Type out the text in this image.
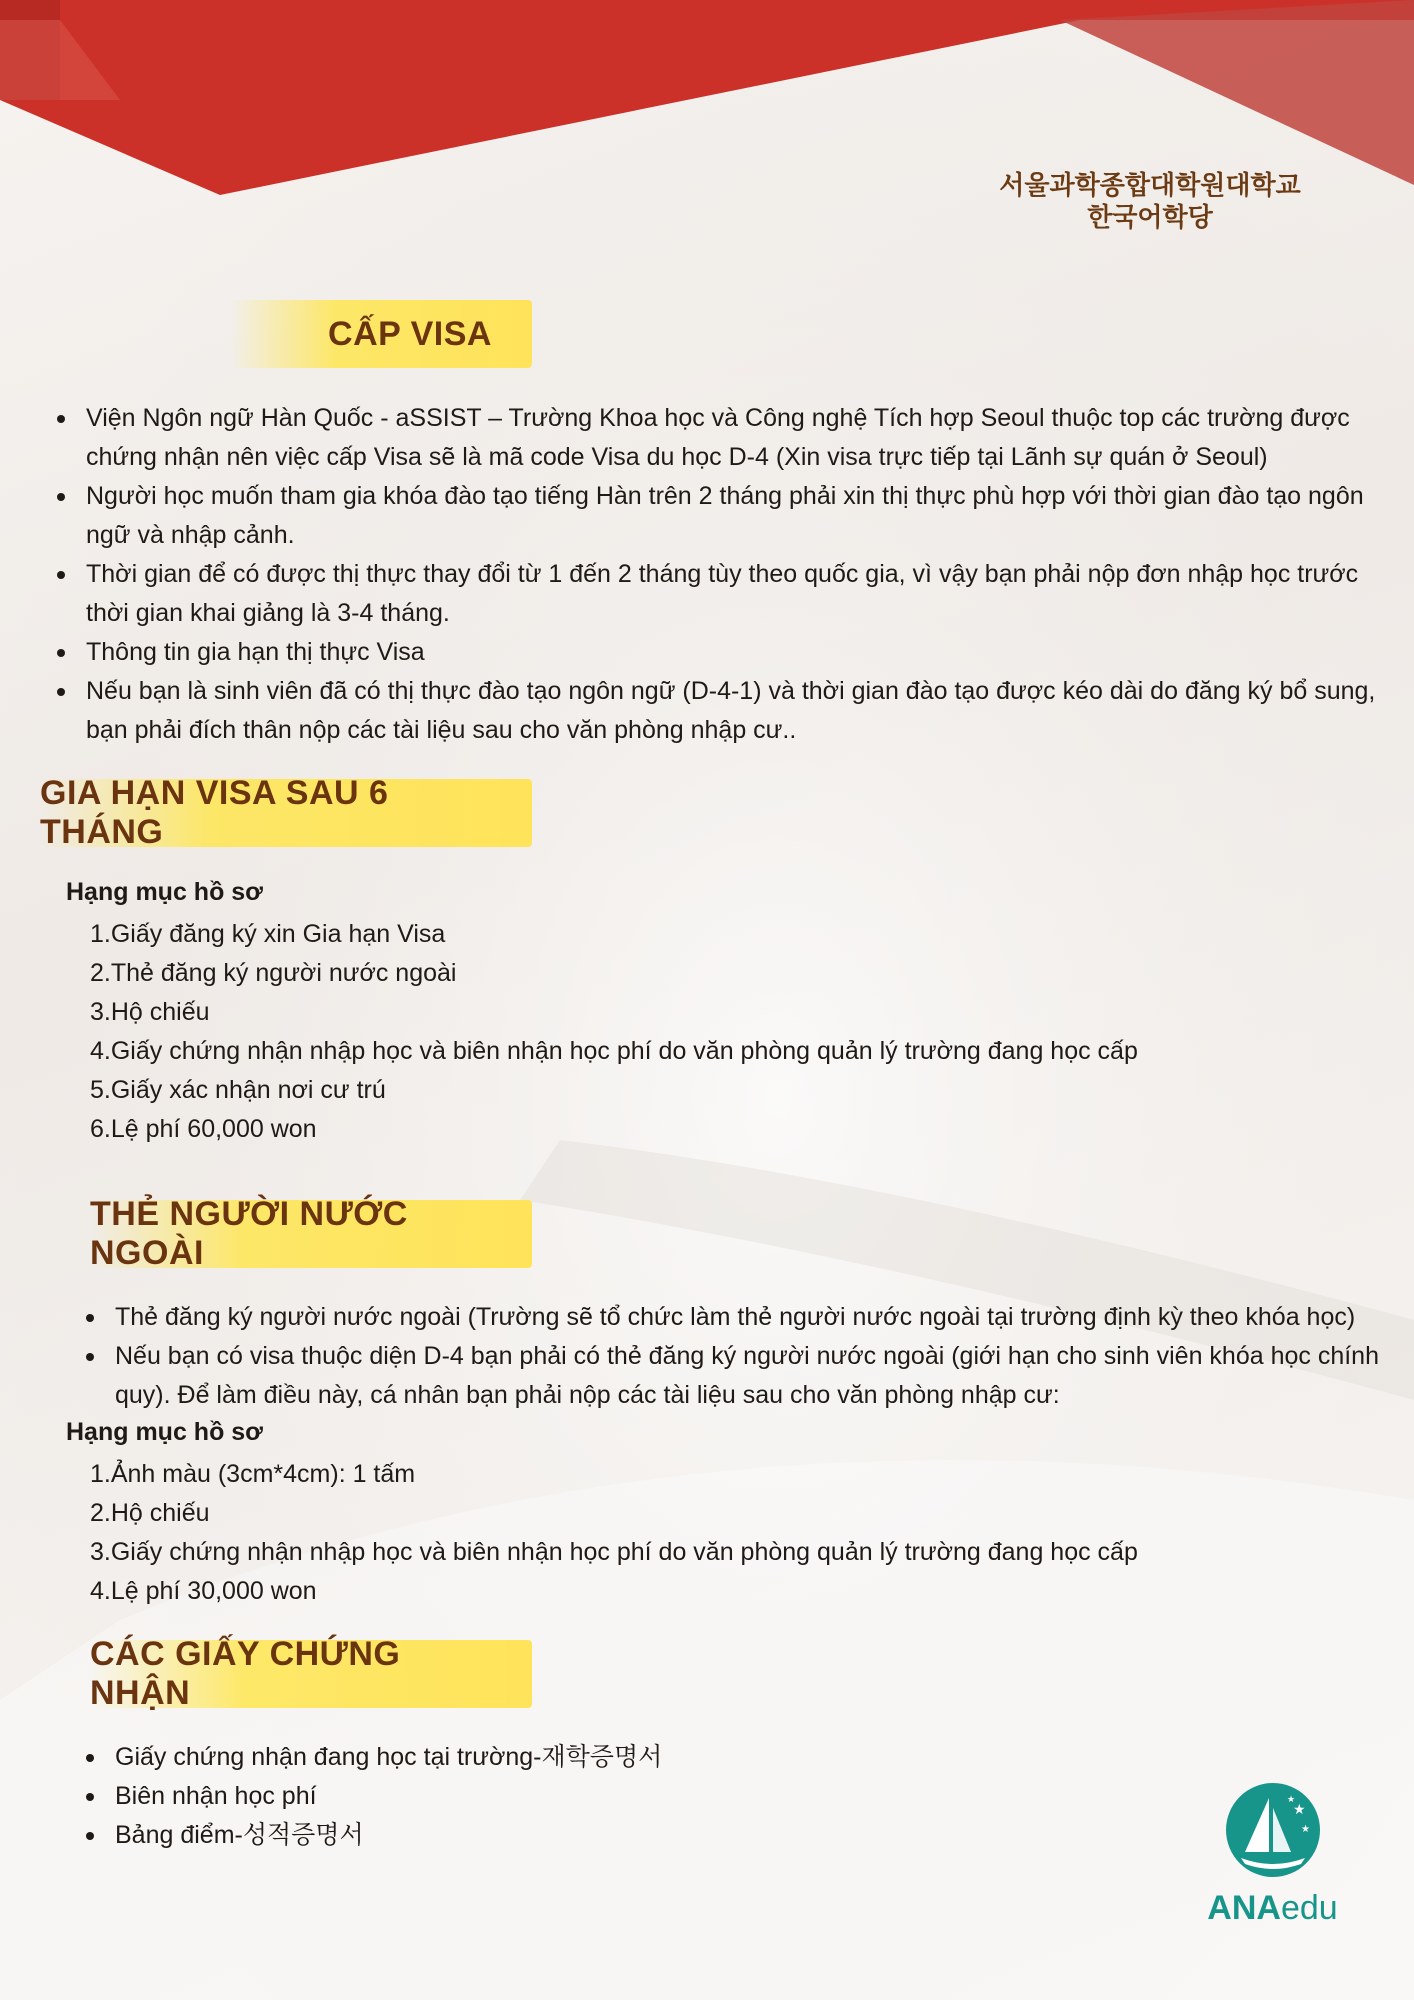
서울과학종합대학원대학교
한국어학당
CẤP VISA
Viện Ngôn ngữ Hàn Quốc - aSSIST – Trường Khoa học và Công nghệ Tích hợp Seoul thuộc top các trường được chứng nhận nên việc cấp Visa sẽ là mã code Visa du học D-4 (Xin visa trực tiếp tại Lãnh sự quán ở Seoul)
Người học muốn tham gia khóa đào tạo tiếng Hàn trên 2 tháng phải xin thị thực phù hợp với thời gian đào tạo ngôn ngữ và nhập cảnh.
Thời gian để có được thị thực thay đổi từ 1 đến 2 tháng tùy theo quốc gia, vì vậy bạn phải nộp đơn nhập học trước thời gian khai giảng là 3-4 tháng.
Thông tin gia hạn thị thực Visa
Nếu bạn là sinh viên đã có thị thực đào tạo ngôn ngữ (D-4-1) và thời gian đào tạo được kéo dài do đăng ký bổ sung, bạn phải đích thân nộp các tài liệu sau cho văn phòng nhập cư..
GIA HẠN VISA SAU 6 THÁNG
Hạng mục hồ sơ
1.Giấy đăng ký xin Gia hạn Visa
2.Thẻ đăng ký người nước ngoài
3.Hộ chiếu
4.Giấy chứng nhận nhập học và biên nhận học phí do văn phòng quản lý trường đang học cấp
5.Giấy xác nhận nơi cư trú
6.Lệ phí 60,000 won
THẺ NGƯỜI NƯỚC NGOÀI
Thẻ đăng ký người nước ngoài (Trường sẽ tổ chức làm thẻ người nước ngoài tại trường định kỳ theo khóa học)
Nếu bạn có visa thuộc diện D-4 bạn phải có thẻ đăng ký người nước ngoài (giới hạn cho sinh viên khóa học chính quy). Để làm điều này, cá nhân bạn phải nộp các tài liệu sau cho văn phòng nhập cư:
Hạng mục hồ sơ
1.Ảnh màu (3cm*4cm): 1 tấm
2.Hộ chiếu
3.Giấy chứng nhận nhập học và biên nhận học phí do văn phòng quản lý trường đang học cấp
4.Lệ phí 30,000 won
CÁC GIẤY CHỨNG NHẬN
Giấy chứng nhận đang học tại trường-재학증명서
Biên nhận học phí
Bảng điểm-성적증명서
★
★
★
ANAedu
